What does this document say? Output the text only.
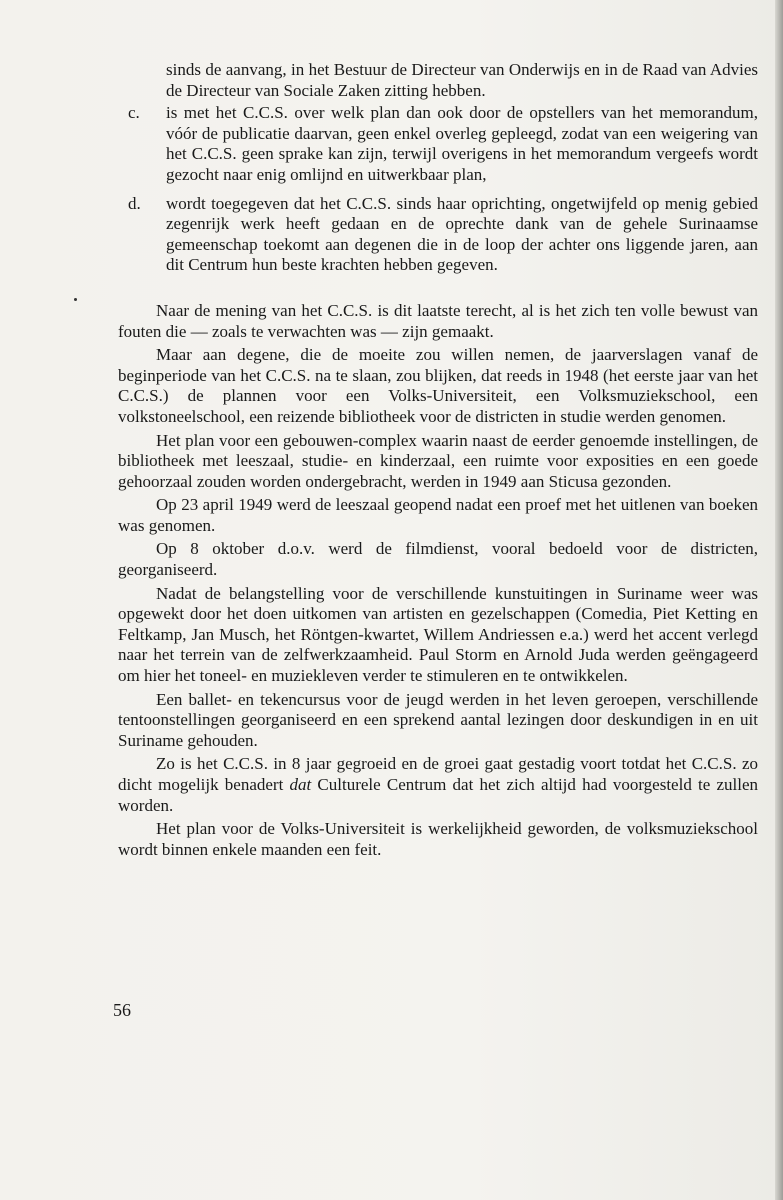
sinds de aanvang, in het Bestuur de Directeur van Onderwijs en in de Raad van Advies de Directeur van Sociale Zaken zitting hebben.

c.	is met het C.C.S. over welk plan dan ook door de opstellers van het memorandum, vóór de publicatie daarvan, geen enkel overleg gepleegd, zodat van een weigering van het C.C.S. geen sprake kan zijn, terwijl overigens in het memorandum vergeefs wordt gezocht naar enig omlijnd en uitwerkbaar plan,
d.	wordt toegegeven dat het C.C.S. sinds haar oprichting, ongetwijfeld op menig gebied zegenrijk werk heeft gedaan en de oprechte dank van de gehele Surinaamse gemeenschap toekomt aan degenen die in de loop der achter ons liggende jaren, aan dit Centrum hun beste krachten hebben gegeven.

Naar de mening van het C.C.S. is dit laatste terecht, al is het zich ten volle bewust van fouten die — zoals te verwachten was — zijn gemaakt.

Maar aan degene, die de moeite zou willen nemen, de jaarverslagen vanaf de beginperiode van het C.C.S. na te slaan, zou blijken, dat reeds in 1948 (het eerste jaar van het C.C.S.) de plannen voor een Volks-Universiteit, een Volksmuziekschool, een volkstoneelschool, een reizende bibliotheek voor de districten in studie werden genomen.

Het plan voor een gebouwen-complex waarin naast de eerder genoemde instellingen, de bibliotheek met leeszaal, studie- en kinderzaal, een ruimte voor exposities en een goede gehoorzaal zouden worden ondergebracht, werden in 1949 aan Sticusa gezonden.

Op 23 april 1949 werd de leeszaal geopend nadat een proef met het uitlenen van boeken was genomen.

Op 8 oktober d.o.v. werd de filmdienst, vooral bedoeld voor de districten, georganiseerd.

Nadat de belangstelling voor de verschillende kunstuitingen in Suriname weer was opgewekt door het doen uitkomen van artisten en gezelschappen (Comedia, Piet Ketting en Feltkamp, Jan Musch, het Röntgen-kwartet, Willem Andriessen e.a.) werd het accent verlegd naar het terrein van de zelfwerkzaamheid. Paul Storm en Arnold Juda werden geëngageerd om hier het toneel- en muziekleven verder te stimuleren en te ontwikkelen.

Een ballet- en tekencursus voor de jeugd werden in het leven geroepen, verschillende tentoonstellingen georganiseerd en een sprekend aantal lezingen door deskundigen in en uit Suriname gehouden.

Zo is het C.C.S. in 8 jaar gegroeid en de groei gaat gestadig voort totdat het C.C.S. zo dicht mogelijk benadert dat Culturele Centrum dat het zich altijd had voorgesteld te zullen worden.

Het plan voor de Volks-Universiteit is werkelijkheid geworden, de volksmuziekschool wordt binnen enkele maanden een feit.

56
